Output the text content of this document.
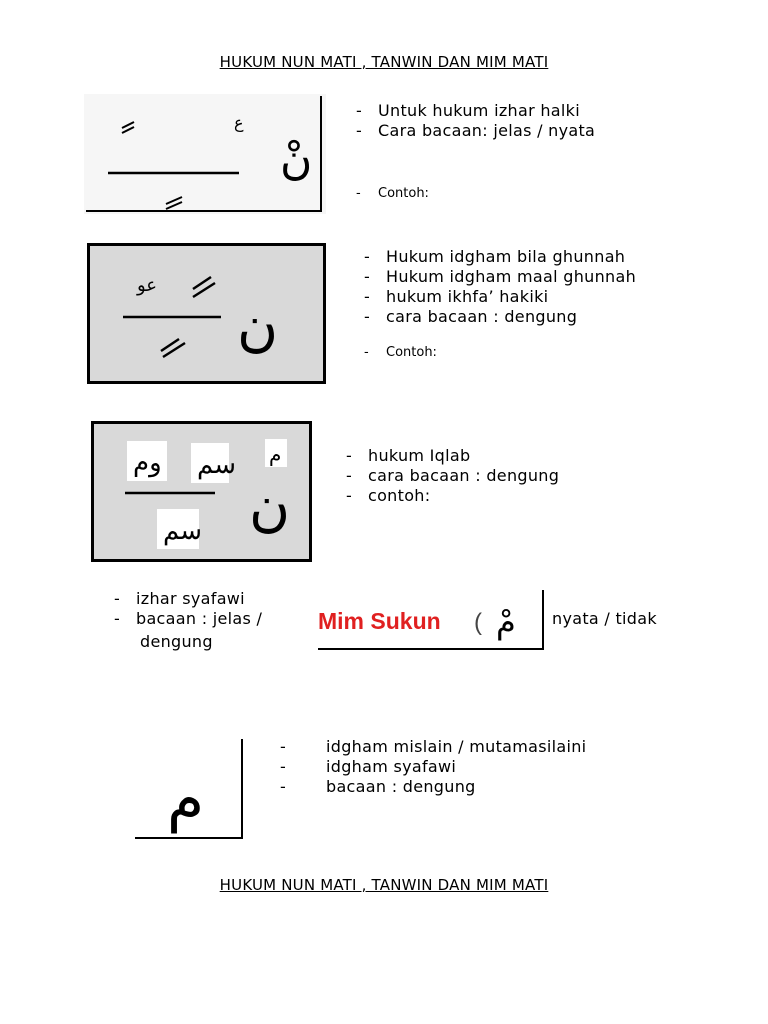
HUKUM NUN MATI , TANWIN DAN MIM MATI
ع
نْ
- Untuk hukum izhar halki
- Cara bacaan: jelas / nyata
- Contoh:
عو
ن
- Hukum idgham bila ghunnah
- Hukum idgham maal ghunnah
- hukum ikhfa’ hakiki
- cara bacaan : dengung
- Contoh:
وم سم م
سم ن
- hukum Iqlab
- cara bacaan : dengung
- contoh:
- izhar syafawi
- bacaan : jelas /
dengung
Mim Sukun ( مْ nyata / tidak
م
- idgham mislain / mutamasilaini
- idgham syafawi
- bacaan : dengung
HUKUM NUN MATI , TANWIN DAN MIM MATI
